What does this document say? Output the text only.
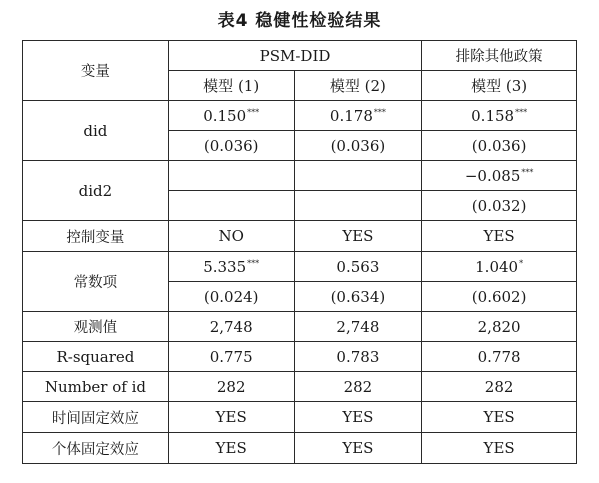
表4 稳健性检验结果
变量	PSM-DID		排除其他政策
	模型 (1)	模型 (2)	模型 (3)
did	0.150***	0.178***	0.158***
	(0.036)	(0.036)	(0.036)
did2			−0.085***
			(0.032)
控制变量	NO	YES	YES
常数项	5.335***	0.563	1.040*
	(0.024)	(0.634)	(0.602)
观测值	2,748	2,748	2,820
R-squared	0.775	0.783	0.778
Number of id	282	282	282
时间固定效应	YES	YES	YES
个体固定效应	YES	YES	YES
